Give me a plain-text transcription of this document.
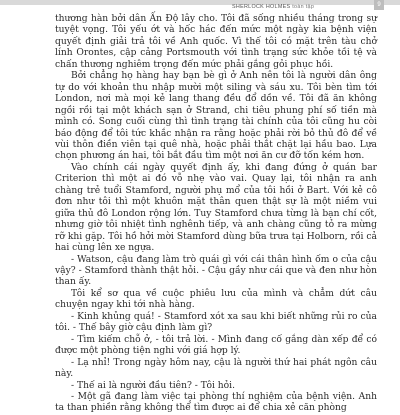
SHERLOCK HOLMES toàn tập	9

thương hàn bởi dân Ấn Độ lây cho. Tôi đã sống nhiều tháng trong sự tuyệt vọng. Tôi yếu ớt và hốc hác đến mức một ngày kia bệnh viện quyết định giải trả tôi về Anh quốc. Vì thế tôi có mặt trên tàu chở lính Orontes, cập cảng Portsmouth với tình trạng sức khỏe tồi tệ và chấn thương nghiêm trọng đến mức phải gắng gỏi phục hồi.

Bởi chẳng họ hàng hay bạn bè gì ở Anh nên tôi là người dân ông tự do với khoản thu nhập mười một siling và sáu xu. Tôi bèn tìm tới London, nơi mà mọi kẻ lang thang đều đổ dồn về. Tôi đã ăn không ngồi rồi tại một khách sạn ở Strand, chi tiêu phung phí số tiền mà mình có. Song cuối cùng thì tình trạng tài chính của tôi cũng hu còi báo động để tôi tức khắc nhận ra rằng hoặc phải rời bỏ thủ đô để về vùi thôn điền viên tại quê nhà, hoặc phải thắt chặt lại hầu bao. Lựa chọn phương án hai, tôi bắt đầu tìm một nơi ăn cư đỡ tốn kém hơn.

Vào chính cái ngày quyết định ấy, khi đang đứng ở quán bar Criterion thì một ai đó vỗ nhẹ vào vai. Quay lại, tôi nhận ra anh chàng trẻ tuổi Stamford, người phụ mổ của tôi hồi ở Bart. Với kẻ cô đơn như tôi thì một khuôn mặt thân quen thật sự là một niềm vui giữa thủ đô London rộng lớn. Tuy Stamford chưa từng là bạn chí cốt, nhưng giờ tôi nhiệt tình nghênh tiếp, và anh chàng cũng tỏ ra mừng rỡ khi gặp. Tôi hồ hởi mời Stamford dùng bữa trưa tại Holborn, rồi cả hai cùng lên xe ngựa.

- Watson, cậu đang làm trò quái gì với cái thân hình ốm o của cậu vậy? - Stamford thành thật hỏi. - Cậu gầy như cái que và đen như hòn than ấy.

Tôi kể sơ qua về cuộc phiêu lưu của mình và chẳm dứt câu chuyện ngay khi tới nhà hàng.

- Kinh khủng quá! - Stamford xót xa sau khi biết những rủi ro của tôi. - Thế bây giờ cậu định làm gì?

- Tìm kiếm chỗ ở, - tôi trả lời. - Mình đang cố gắng dàn xếp để có được một phòng tiện nghi với giá hợp lý.

- Lạ nhỉ! Trong ngày hôm nay, cậu là người thứ hai phát ngôn câu này.

- Thế ai là người đầu tiên? - Tôi hỏi.

- Một gã đang làm việc tại phòng thí nghiệm của bệnh viện. Anh ta than phiền rằng không thể tìm được ai để chia xẻ căn phòng
